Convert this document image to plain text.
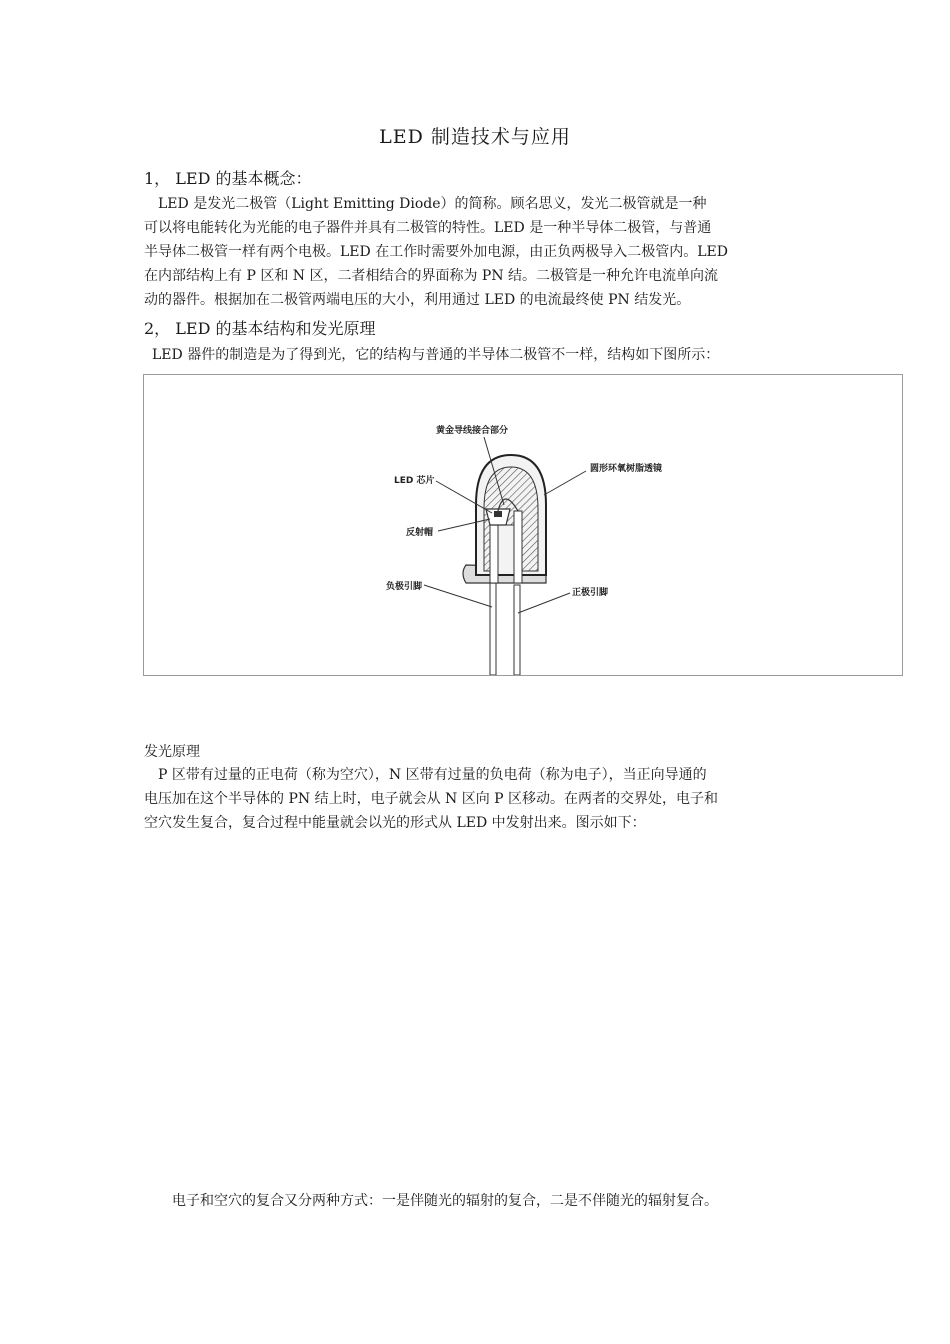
LED 制造技术与应用
1， LED 的基本概念：
　LED 是发光二极管（Light Emitting Diode）的简称。顾名思义，发光二极管就是一种
可以将电能转化为光能的电子器件并具有二极管的特性。LED 是一种半导体二极管，与普通
半导体二极管一样有两个电极。LED 在工作时需要外加电源，由正负两极导入二极管内。LED
在内部结构上有 P 区和 N 区，二者相结合的界面称为 PN 结。二极管是一种允许电流单向流
动的器件。根据加在二极管两端电压的大小，利用通过 LED 的电流最终使 PN 结发光。
2， LED 的基本结构和发光原理
LED 器件的制造是为了得到光，它的结构与普通的半导体二极管不一样，结构如下图所示：
黄金导线接合部分
LED 芯片
圆形环氧树脂透镜
反射帽
负极引脚
正极引脚
发光原理
　P 区带有过量的正电荷（称为空穴），N 区带有过量的负电荷（称为电子），当正向导通的
电压加在这个半导体的 PN 结上时，电子就会从 N 区向 P 区移动。在两者的交界处，电子和
空穴发生复合，复合过程中能量就会以光的形式从 LED 中发射出来。图示如下：
电子和空穴的复合又分两种方式：一是伴随光的辐射的复合，二是不伴随光的辐射复合。
